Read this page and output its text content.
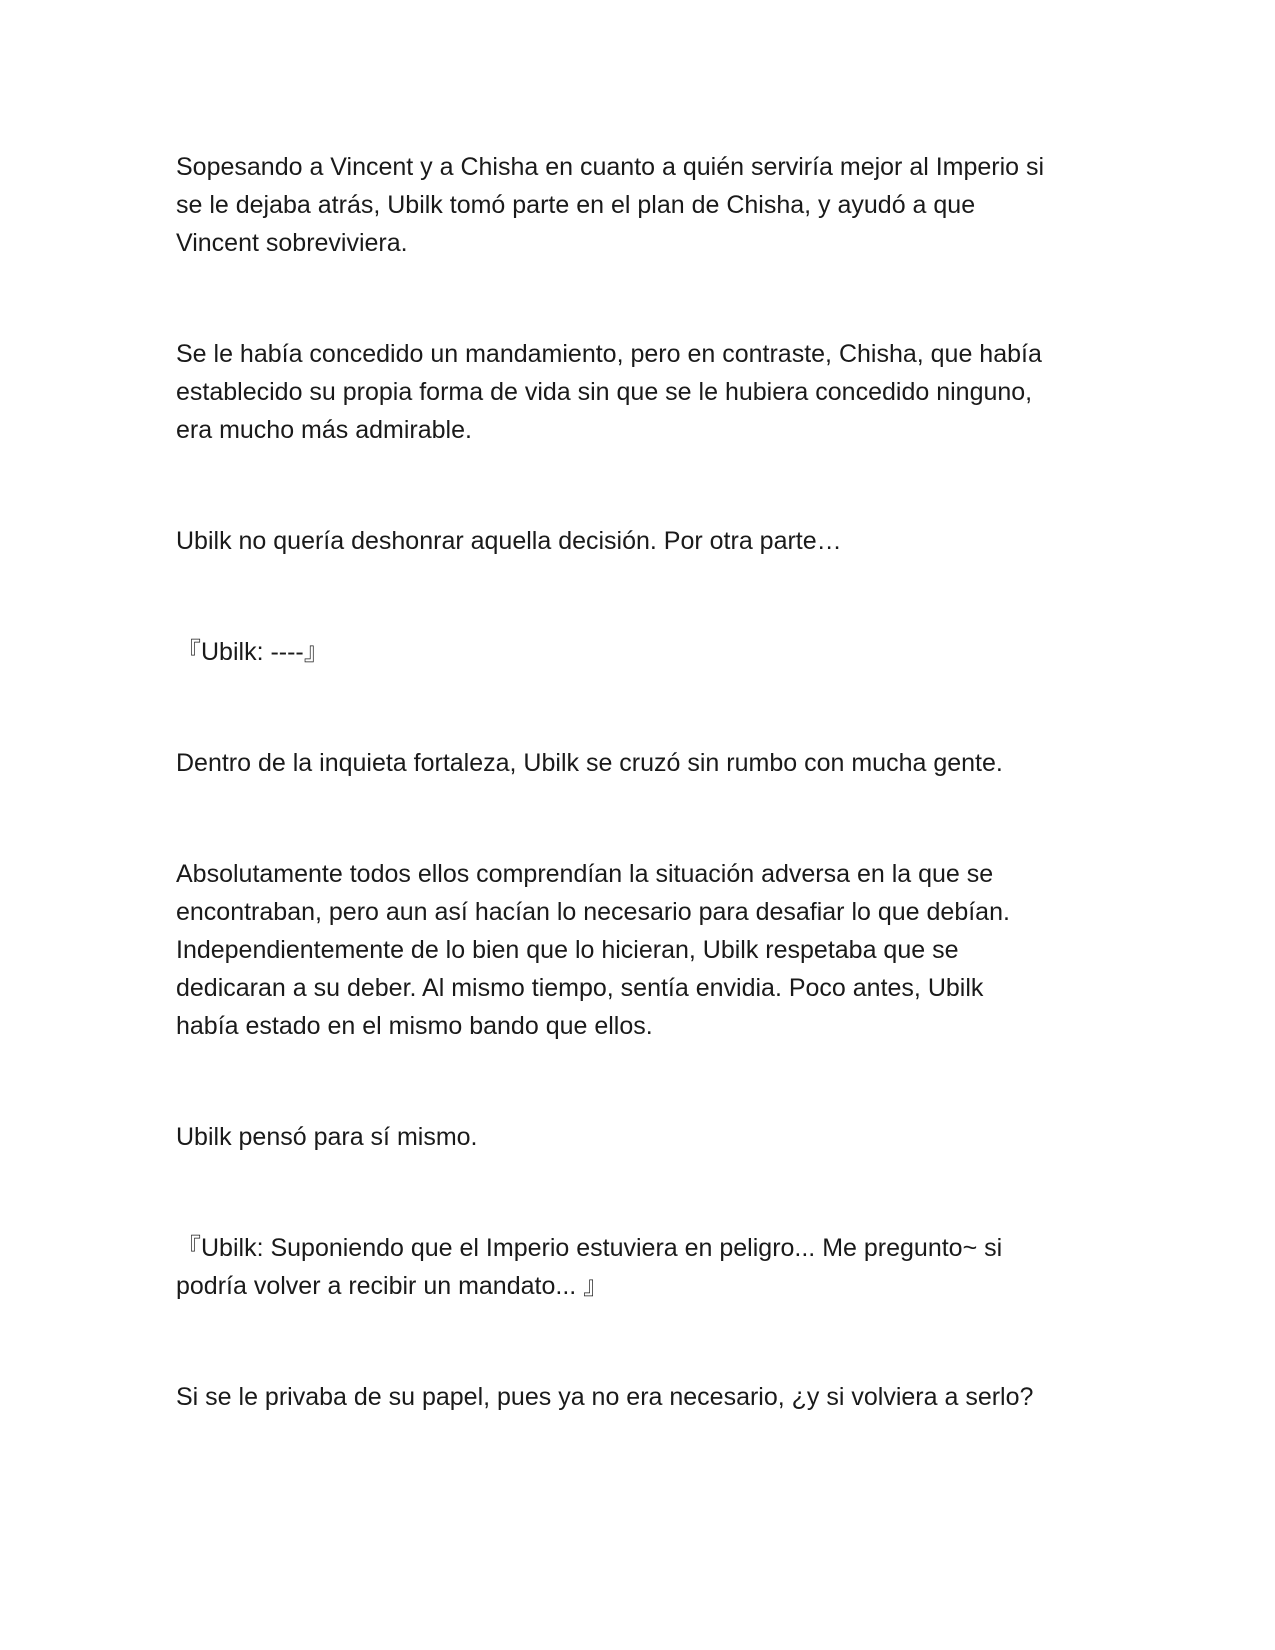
Sopesando a Vincent y a Chisha en cuanto a quién serviría mejor al Imperio si
se le dejaba atrás, Ubilk tomó parte en el plan de Chisha, y ayudó a que
Vincent sobreviviera.

Se le había concedido un mandamiento, pero en contraste, Chisha, que había
establecido su propia forma de vida sin que se le hubiera concedido ninguno,
era mucho más admirable.

Ubilk no quería deshonrar aquella decisión. Por otra parte…

『Ubilk: ----』

Dentro de la inquieta fortaleza, Ubilk se cruzó sin rumbo con mucha gente.

Absolutamente todos ellos comprendían la situación adversa en la que se
encontraban, pero aun así hacían lo necesario para desafiar lo que debían.
Independientemente de lo bien que lo hicieran, Ubilk respetaba que se
dedicaran a su deber. Al mismo tiempo, sentía envidia. Poco antes, Ubilk
había estado en el mismo bando que ellos.

Ubilk pensó para sí mismo.

『Ubilk: Suponiendo que el Imperio estuviera en peligro... Me pregunto~ si
podría volver a recibir un mandato... 』

Si se le privaba de su papel, pues ya no era necesario, ¿y si volviera a serlo?
